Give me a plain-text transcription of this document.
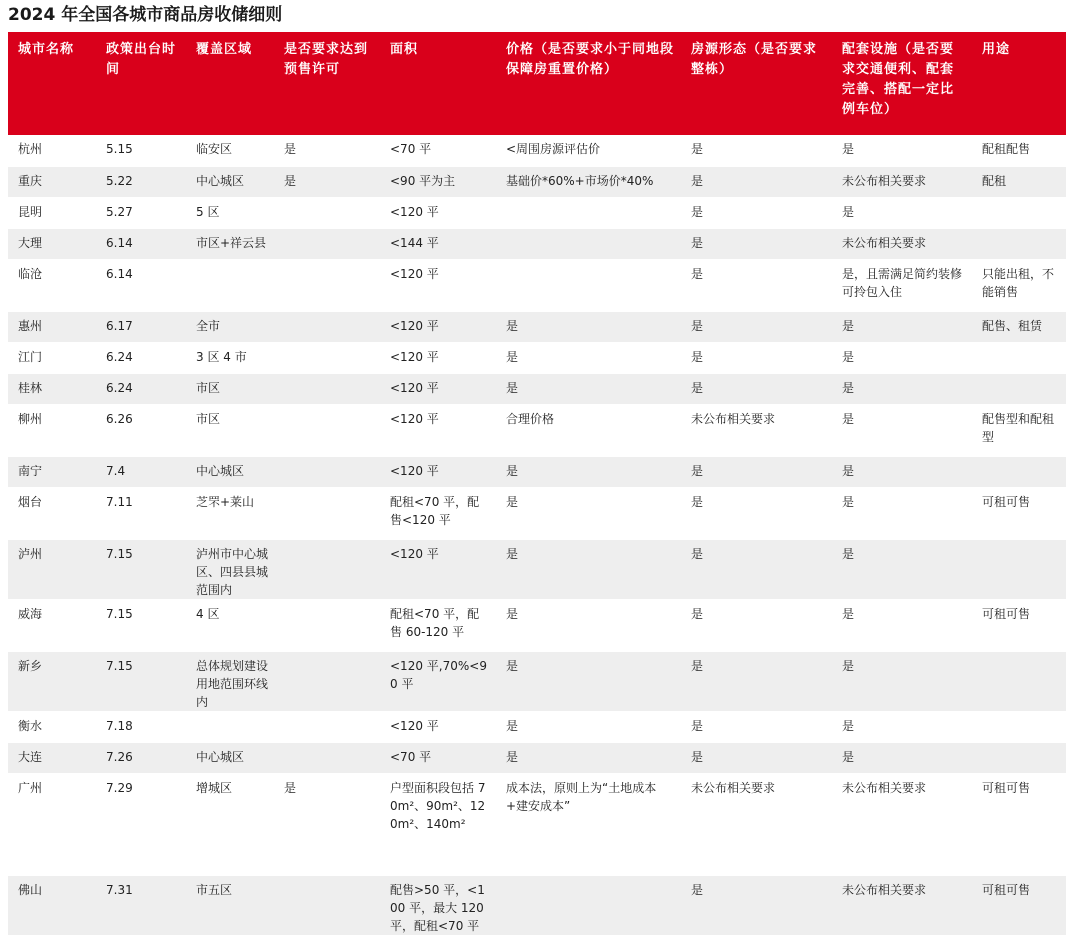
2024 年全国各城市商品房收储细则
城市名称	政策出台时间	覆盖区域	是否要求达到预售许可	面积	价格（是否要求小于同地段保障房重置价格）	房源形态（是否要求整栋）	配套设施（是否要求交通便利、配套完善、搭配一定比例车位）	用途
杭州	5.15	临安区	是	<70 平	<周围房源评估价	是	是	配租配售
重庆	5.22	中心城区	是	<90 平为主	基础价*60%+市场价*40%	是	未公布相关要求	配租
昆明	5.27	5 区		<120 平		是	是	
大理	6.14	市区+祥云县		<144 平		是	未公布相关要求	
临沧	6.14			<120 平		是	是，且需满足简约装修可拎包入住	只能出租，不能销售
惠州	6.17	全市		<120 平	是	是	是	配售、租赁
江门	6.24	3 区 4 市		<120 平	是	是	是	
桂林	6.24	市区		<120 平	是	是	是	
柳州	6.26	市区		<120 平	合理价格	未公布相关要求	是	配售型和配租型
南宁	7.4	中心城区		<120 平	是	是	是	
烟台	7.11	芝罘+莱山		配租<70 平，配售<120 平	是	是	是	可租可售
泸州	7.15	泸州市中心城区、四县县城范围内		<120 平	是	是	是	
威海	7.15	4 区		配租<70 平，配售 60-120 平	是	是	是	可租可售
新乡	7.15	总体规划建设用地范围环线内		<120 平,70%<90 平	是	是	是	
衡水	7.18			<120 平	是	是	是	
大连	7.26	中心城区		<70 平	是	是	是	
广州	7.29	增城区	是	户型面积段包括 70m²、90m²、120m²、140m²	成本法，原则上为“土地成本+建安成本”	未公布相关要求	未公布相关要求	可租可售
佛山	7.31	市五区		配售>50 平，<100 平，最大 120 平，配租<70 平		是	未公布相关要求	可租可售
